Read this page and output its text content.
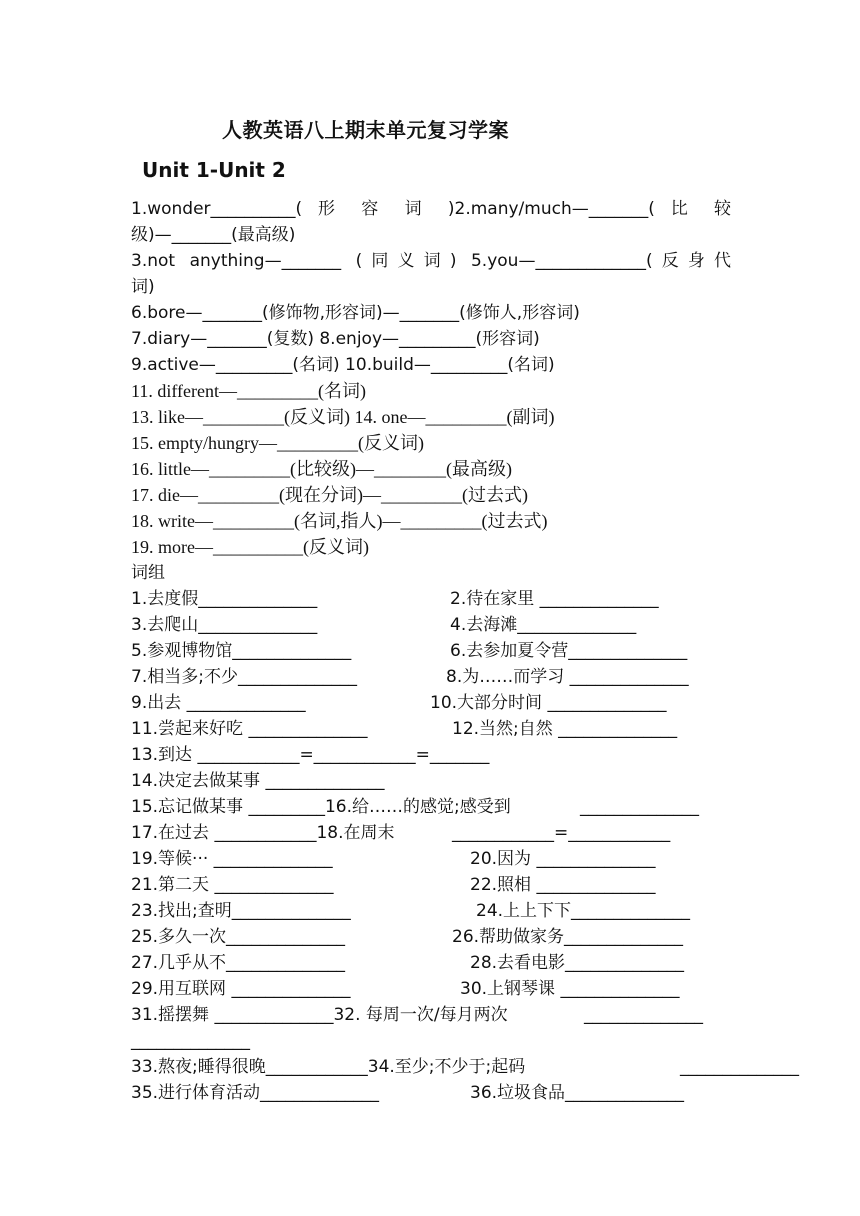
人教英语八上期末单元复习学案
Unit 1-Unit 2
1.wonder__________( 形 容 词 )2.many/much—_______( 比 较
级)—_______(最高级)
3.not anything—_______ (同义词) 5.you—_____________(反身代
词)
6.bore—_______(修饰物,形容词)—_______(修饰人,形容词)
7.diary—_______(复数) 8.enjoy—_________(形容词)
9.active—_________(名词) 10.build—_________(名词)
11. different—_________(名词)
13. like—_________(反义词) 14. one—_________(副词)
15. empty/hungry—_________(反义词)
16. little—_________(比较级)—________(最高级)
17. die—_________(现在分词)—_________(过去式)
18. write—_________(名词,指人)—_________(过去式)
19. more—__________(反义词)
词组
1.去度假______________	2.待在家里 ______________
3.去爬山______________	4.去海滩______________
5.参观博物馆______________	6.去参加夏令营______________
7.相当多;不少______________	8.为……而学习 ______________
9.出去 ______________	10.大部分时间 ______________
11.尝起来好吃 ______________	12.当然;自然 ______________
13.到达 ____________=____________=_______
14.决定去做某事 ______________
15.忘记做某事 _________16.给……的感觉;感受到	______________
17.在过去 ____________18.在周末	____________=____________
19.等候··· ______________	20.因为 ______________
21.第二天 ______________	22.照相 ______________
23.找出;查明______________	24.上上下下______________
25.多久一次______________	26.帮助做家务______________
27.几乎从不______________	28.去看电影______________
29.用互联网 ______________	30.上钢琴课 ______________
31.摇摆舞 ______________32. 每周一次/每月两次	______________
______________
33.熬夜;睡得很晚____________34.至少;不少于;起码	______________
35.进行体育活动______________	36.垃圾食品______________
